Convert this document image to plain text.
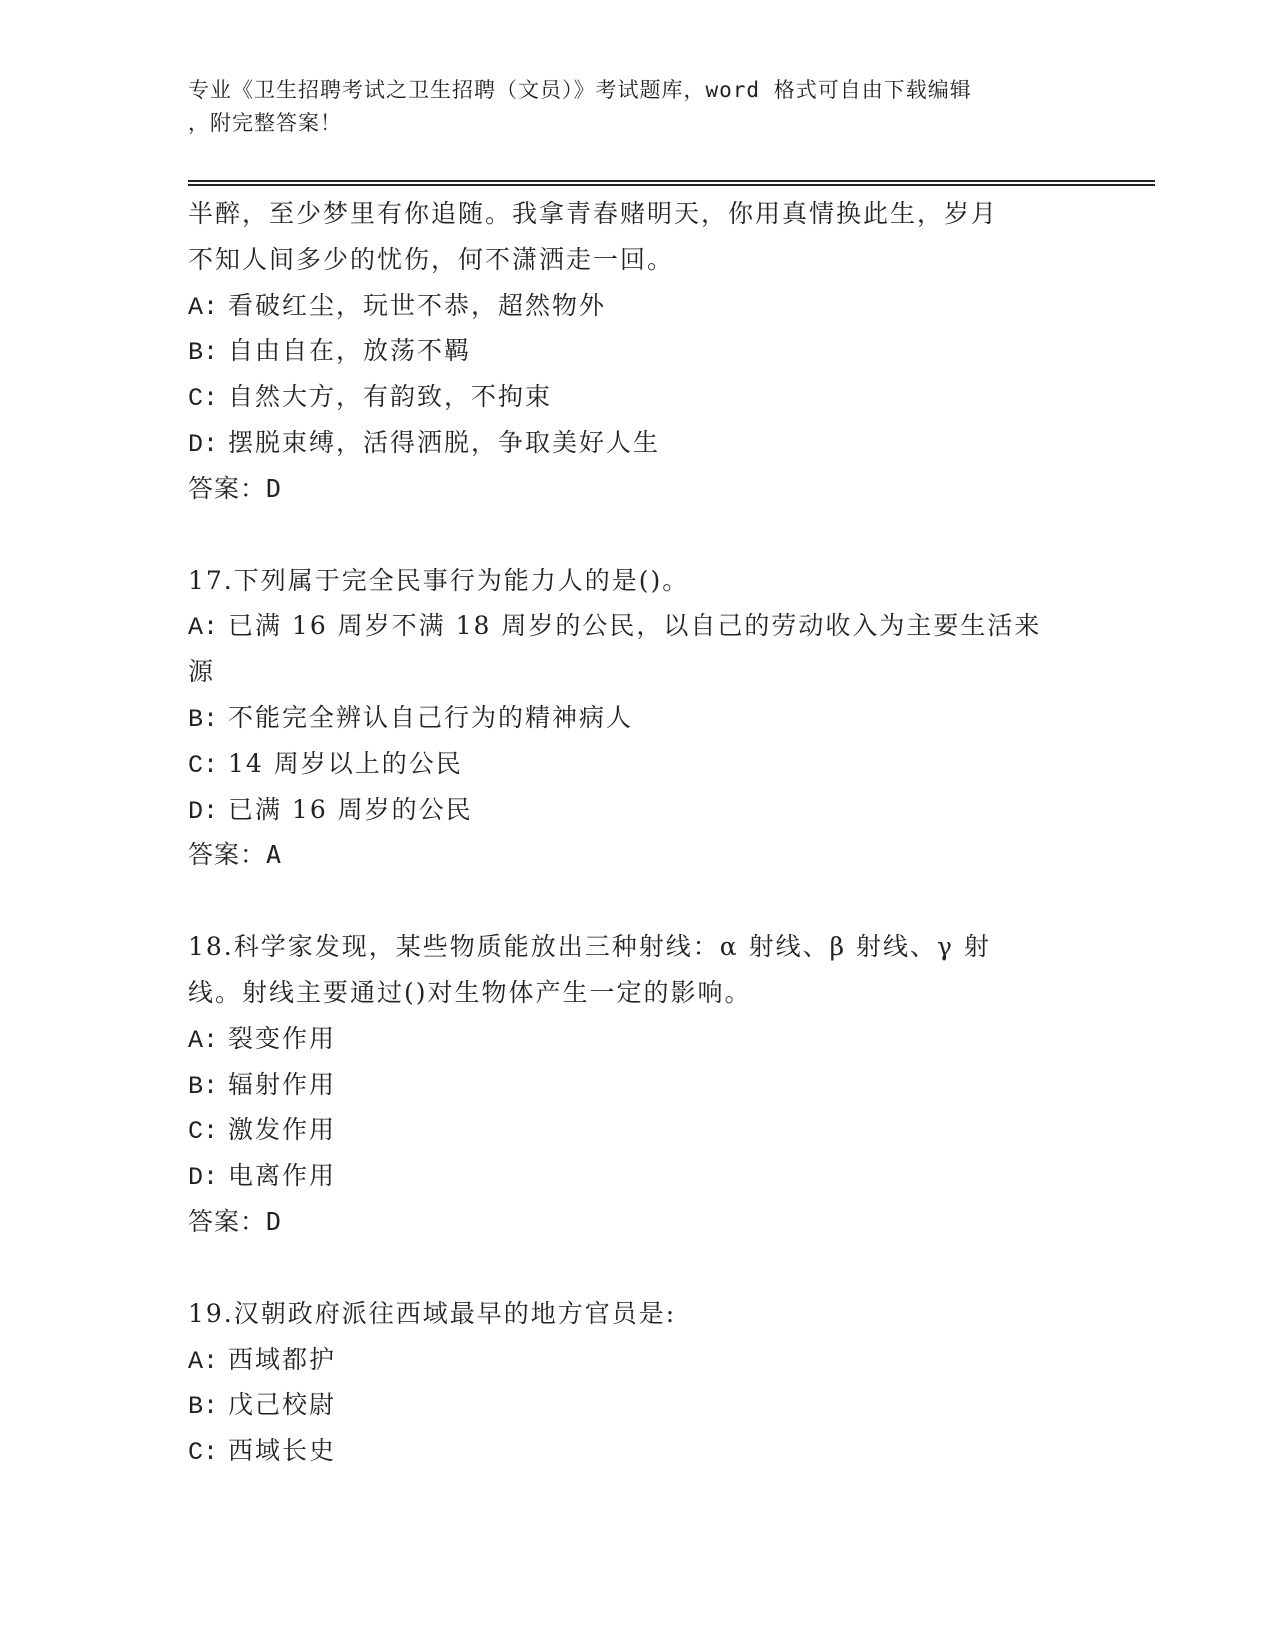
专业《卫生招聘考试之卫生招聘（文员）》考试题库，word 格式可自由下载编辑
，附完整答案！
半醉，至少梦里有你追随。我拿青春赌明天，你用真情换此生，岁月
不知人间多少的忧伤，何不潇洒走一回。
A: 看破红尘，玩世不恭，超然物外
B: 自由自在，放荡不羁
C: 自然大方，有韵致，不拘束
D: 摆脱束缚，活得洒脱，争取美好人生
答案：D
17.下列属于完全民事行为能力人的是()。
A: 已满 16 周岁不满 18 周岁的公民，以自己的劳动收入为主要生活来
源
B: 不能完全辨认自己行为的精神病人
C: 14 周岁以上的公民
D: 已满 16 周岁的公民
答案：A
18.科学家发现，某些物质能放出三种射线：α 射线、β 射线、γ 射
线。射线主要通过()对生物体产生一定的影响。
A: 裂变作用
B: 辐射作用
C: 激发作用
D: 电离作用
答案：D
19.汉朝政府派往西域最早的地方官员是:
A: 西域都护
B: 戊己校尉
C: 西域长史
